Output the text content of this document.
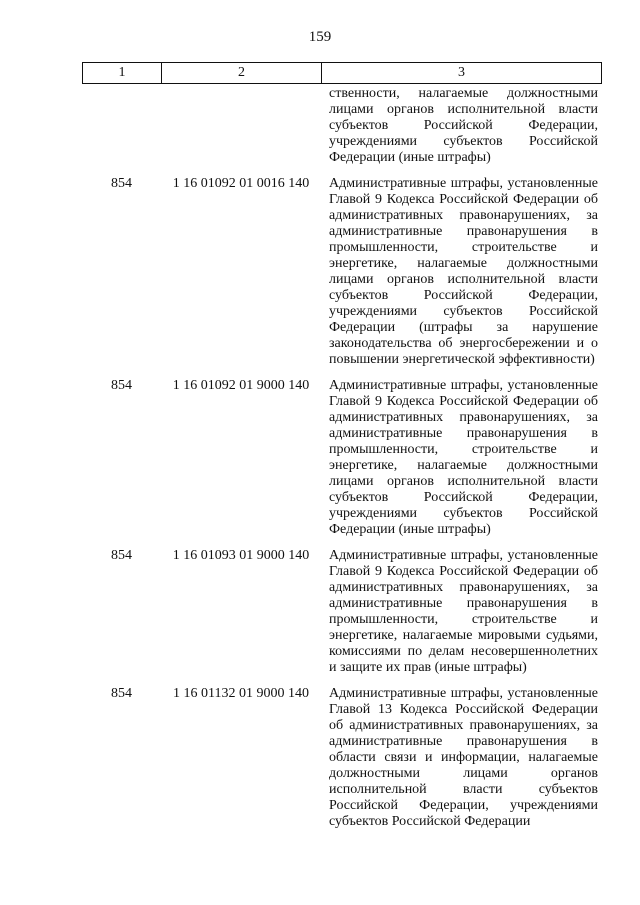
159
1	2	3
ственности, налагаемые должностными лицами органов исполнительной власти субъектов Российской Федерации, учреждениями субъектов Российской Федерации (иные штрафы)
854	1 16 01092 01 0016 140	Административные штрафы, установленные Главой 9 Кодекса Российской Федерации об административных правонарушениях, за административные правонарушения в промышленности, строительстве и энергетике, налагаемые должностными лицами органов исполнительной власти субъектов Российской Федерации, учреждениями субъектов Российской Федерации (штрафы за нарушение законодательства об энергосбережении и о повышении энергетической эффективности)
854	1 16 01092 01 9000 140	Административные штрафы, установленные Главой 9 Кодекса Российской Федерации об административных правонарушениях, за административные правонарушения в промышленности, строительстве и энергетике, налагаемые должностными лицами органов исполнительной власти субъектов Российской Федерации, учреждениями субъектов Российской Федерации (иные штрафы)
854	1 16 01093 01 9000 140	Административные штрафы, установленные Главой 9 Кодекса Российской Федерации об административных правонарушениях, за административные правонарушения в промышленности, строительстве и энергетике, налагаемые мировыми судьями, комиссиями по делам несовершеннолетних и защите их прав (иные штрафы)
854	1 16 01132 01 9000 140	Административные штрафы, установленные Главой 13 Кодекса Российской Федерации об административных правонарушениях, за административные правонарушения в области связи и информации, налагаемые должностными лицами органов исполнительной власти субъектов Российской Федерации, учреждениями субъектов Российской Федерации
